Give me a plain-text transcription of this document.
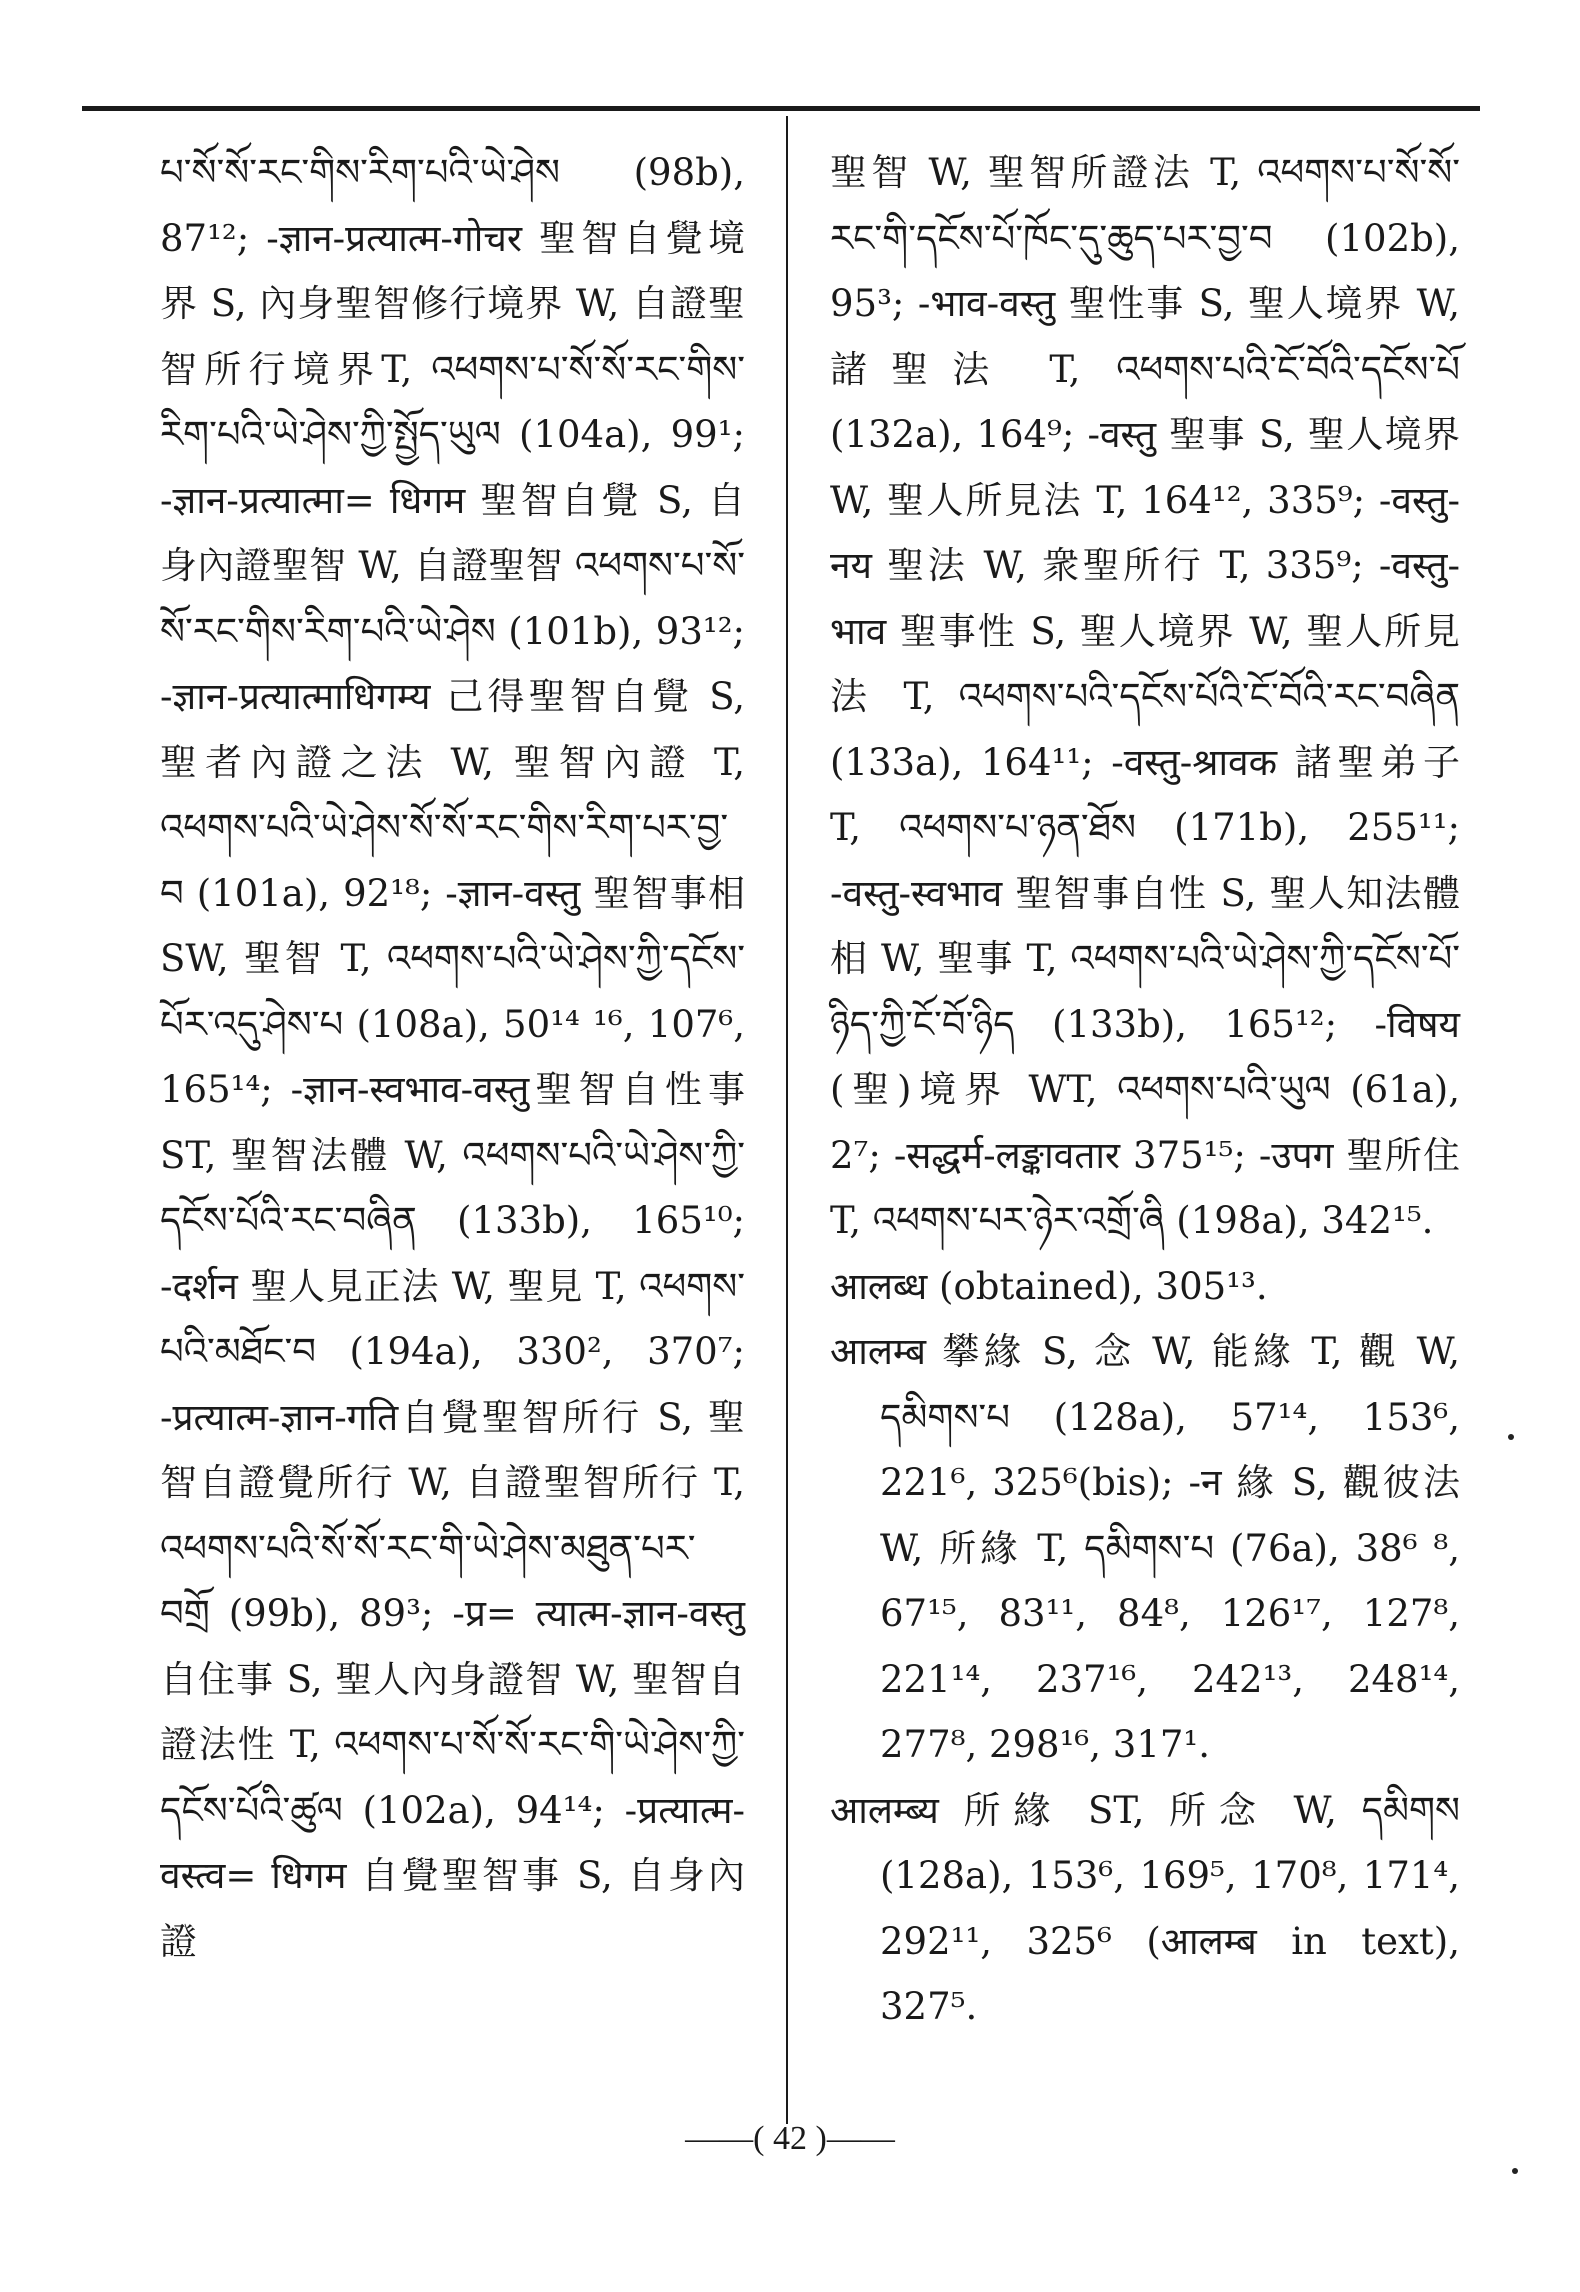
པ་སོ་སོ་རང་གིས་རིག་པའི་ཡེ་ཤེས (98b), 87¹²; -ज्ञान-प्रत्यात्म-गोचर 聖智自覺境界 S, 內身聖智修行境界 W, 自證聖智所行境界T, འཕགས་པ་སོ་སོ་རང་གིས་རིག་པའི་ཡེ་ཤེས་ཀྱི་སྤྱོད་ཡུལ (104a), 99¹; -ज्ञान-प्रत्यात्मा= धिगम 聖智自覺 S, 自身內證聖智 W, 自證聖智 འཕགས་པ་སོ་སོ་རང་གིས་རིག་པའི་ཡེ་ཤེས (101b), 93¹²; -ज्ञान-प्रत्यात्माधिगम्य 己得聖智自覺 S, 聖者內證之法 W, 聖智內證 T, འཕགས་པའི་ཡེ་ཤེས་སོ་སོ་རང་གིས་རིག་པར་བྱ་བ (101a), 92¹⁸; -ज्ञान-वस्तु 聖智事相 SW, 聖智 T, འཕགས་པའི་ཡེ་ཤེས་ཀྱི་དངོས་པོར་འདུ་ཤེས་པ (108a), 50¹⁴ ¹⁶, 107⁶, 165¹⁴; -ज्ञान-स्वभाव-वस्तु聖智自性事ST, 聖智法體 W, འཕགས་པའི་ཡེ་ཤེས་ཀྱི་དངོས་པོའི་རང་བཞིན (133b), 165¹⁰; -दर्शन 聖人見正法 W, 聖見 T, འཕགས་པའི་མཐོང་བ (194a), 330², 370⁷; -प्रत्यात्म-ज्ञान-गति自覺聖智所行 S, 聖智自證覺所行 W, 自證聖智所行 T, འཕགས་པའི་སོ་སོ་རང་གི་ཡེ་ཤེས་མཐུན་པར་བགྲོ (99b), 89³; -प्र= त्यात्म-ज्ञान-वस्तु 自住事 S, 聖人內身證智 W, 聖智自證法性 T, འཕགས་པ་སོ་སོ་རང་གི་ཡེ་ཤེས་ཀྱི་དངོས་པོའི་ཚུལ (102a), 94¹⁴; -प्रत्यात्म-वस्त्व= धिगम 自覺聖智事 S, 自身內證

聖智 W, 聖智所證法 T, འཕགས་པ་སོ་སོ་རང་གི་དངོས་པོ་ཁོང་དུ་ཆུད་པར་བྱ་བ (102b), 95³; -भाव-वस्तु 聖性事 S, 聖人境界 W, 諸聖法 T, འཕགས་པའི་ངོ་བོའི་དངོས་པོ (132a), 164⁹; -वस्तु 聖事 S, 聖人境界 W, 聖人所見法 T, 164¹², 335⁹; -वस्तु-नय 聖法 W, 衆聖所行 T, 335⁹; -वस्तु-भाव 聖事性 S, 聖人境界 W, 聖人所見法 T, འཕགས་པའི་དངོས་པོའི་ངོ་བོའི་རང་བཞིན (133a), 164¹¹; -वस्तु-श्रावक 諸聖弟子 T, འཕགས་པ་ཉན་ཐོས (171b), 255¹¹; -वस्तु-स्वभाव 聖智事自性 S, 聖人知法體相 W, 聖事 T, འཕགས་པའི་ཡེ་ཤེས་ཀྱི་དངོས་པོ་ཉིད་ཀྱི་ངོ་བོ་ཉིད (133b), 165¹²; -विषय (聖)境界 WT, འཕགས་པའི་ཡུལ (61a), 2⁷; -सद्धर्म-लङ्कावतार 375¹⁵; -उपग 聖所住 T, འཕགས་པར་ཉེར་འགྲོ་ཞི (198a), 342¹⁵.

आलब्ध (obtained), 305¹³.

आलम्ब 攀緣 S, 念 W, 能緣 T, 觀 W, དམིགས་པ (128a), 57¹⁴, 153⁶, 221⁶, 325⁶(bis); -न 緣 S, 觀彼法 W, 所緣 T, དམིགས་པ (76a), 38⁶ ⁸, 67¹⁵, 83¹¹, 84⁸, 126¹⁷, 127⁸, 221¹⁴, 237¹⁶, 242¹³, 248¹⁴, 277⁸, 298¹⁶, 317¹.

आलम्ब्य 所緣 ST, 所念 W, དམིགས (128a), 153⁶, 169⁵, 170⁸, 171⁴, 292¹¹, 325⁶ (आलम्ब in text), 327⁵.

——( 42 )——
